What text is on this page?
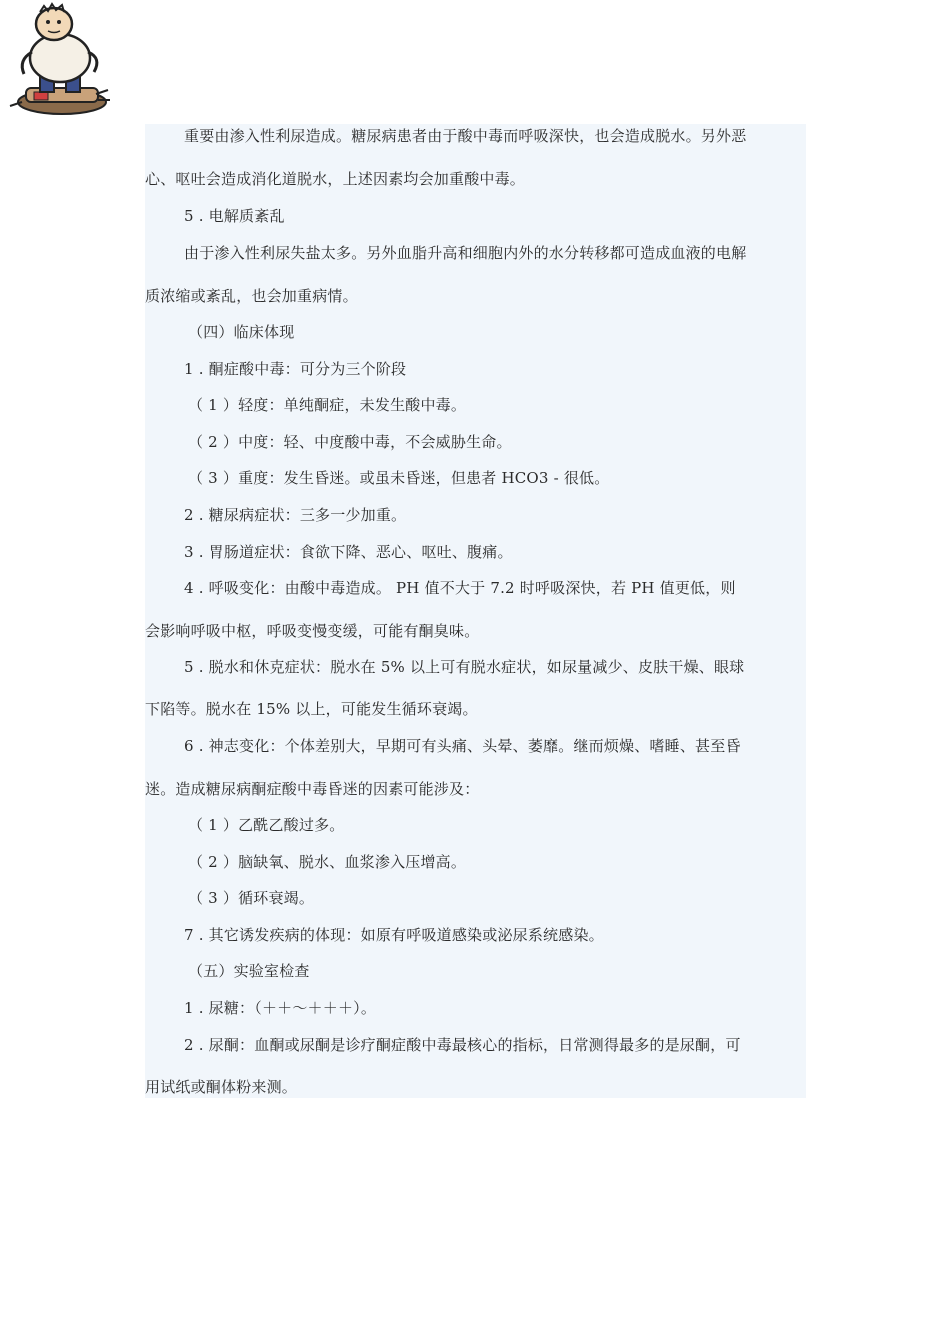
重要由渗入性利尿造成。糖尿病患者由于酸中毒而呼吸深快，也会造成脱水。另外恶
心、呕吐会造成消化道脱水，上述因素均会加重酸中毒。
5 . 电解质紊乱
由于渗入性利尿失盐太多。另外血脂升高和细胞内外的水分转移都可造成血液的电解
质浓缩或紊乱，也会加重病情。
（四）临床体现
1 . 酮症酸中毒：可分为三个阶段
（ 1 ）轻度：单纯酮症，未发生酸中毒。
（ 2 ）中度：轻、中度酸中毒，不会威胁生命。
（ 3 ）重度：发生昏迷。或虽未昏迷，但患者 HCO3 - 很低。
2 . 糖尿病症状：三多一少加重。
3 . 胃肠道症状：食欲下降、恶心、呕吐、腹痛。
4 . 呼吸变化：由酸中毒造成。 PH 值不大于 7.2 时呼吸深快，若 PH 值更低，则
会影响呼吸中枢，呼吸变慢变缓，可能有酮臭味。
5 . 脱水和休克症状：脱水在 5% 以上可有脱水症状，如尿量减少、皮肤干燥、眼球
下陷等。脱水在 15% 以上，可能发生循环衰竭。
6 . 神志变化：个体差别大，早期可有头痛、头晕、萎靡。继而烦燥、嗜睡、甚至昏
迷。造成糖尿病酮症酸中毒昏迷的因素可能涉及：
（ 1 ）乙酰乙酸过多。
（ 2 ）脑缺氧、脱水、血浆渗入压增高。
（ 3 ）循环衰竭。
7 . 其它诱发疾病的体现：如原有呼吸道感染或泌尿系统感染。
（五）实验室检查
1 . 尿糖：（＋＋～＋＋＋）。
2 . 尿酮：血酮或尿酮是诊疗酮症酸中毒最核心的指标，日常测得最多的是尿酮，可
用试纸或酮体粉来测。
